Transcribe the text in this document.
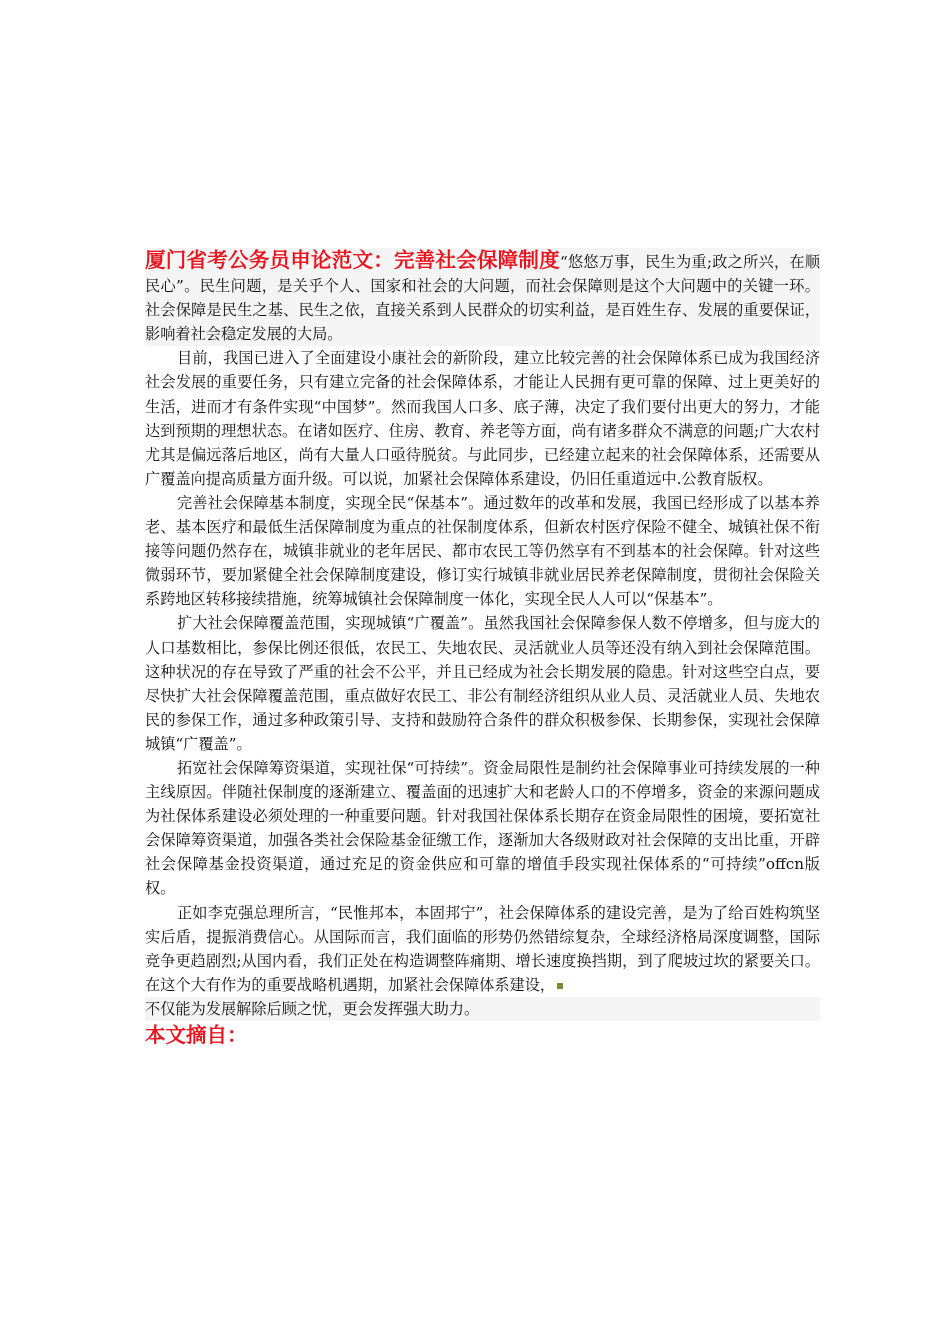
厦门省考公务员申论范文：完善社会保障制度“悠悠万事，民生为重;政之所兴，在顺民心”。民生问题，是关乎个人、国家和社会的大问题，而社会保障则是这个大问题中的关键一环。社会保障是民生之基、民生之依，直接关系到人民群众的切实利益，是百姓生存、发展的重要保证，影响着社会稳定发展的大局。

目前，我国已进入了全面建设小康社会的新阶段，建立比较完善的社会保障体系已成为我国经济社会发展的重要任务，只有建立完备的社会保障体系，才能让人民拥有更可靠的保障、过上更美好的生活，进而才有条件实现“中国梦”。然而我国人口多、底子薄，决定了我们要付出更大的努力，才能达到预期的理想状态。在诸如医疗、住房、教育、养老等方面，尚有诸多群众不满意的问题;广大农村尤其是偏远落后地区，尚有大量人口亟待脱贫。与此同步，已经建立起来的社会保障体系，还需要从广覆盖向提高质量方面升级。可以说，加紧社会保障体系建设，仍旧任重道远中.公教育版权。

完善社会保障基本制度，实现全民“保基本”。通过数年的改革和发展，我国已经形成了以基本养老、基本医疗和最低生活保障制度为重点的社保制度体系，但新农村医疗保险不健全、城镇社保不衔接等问题仍然存在，城镇非就业的老年居民、都市农民工等仍然享有不到基本的社会保障。针对这些微弱环节，要加紧健全社会保障制度建设，修订实行城镇非就业居民养老保障制度，贯彻社会保险关系跨地区转移接续措施，统筹城镇社会保障制度一体化，实现全民人人可以“保基本”。

扩大社会保障覆盖范围，实现城镇“广覆盖”。虽然我国社会保障参保人数不停增多，但与庞大的人口基数相比，参保比例还很低，农民工、失地农民、灵活就业人员等还没有纳入到社会保障范围。这种状况的存在导致了严重的社会不公平，并且已经成为社会长期发展的隐患。针对这些空白点，要尽快扩大社会保障覆盖范围，重点做好农民工、非公有制经济组织从业人员、灵活就业人员、失地农民的参保工作，通过多种政策引导、支持和鼓励符合条件的群众积极参保、长期参保，实现社会保障城镇“广覆盖”。

拓宽社会保障筹资渠道，实现社保“可持续”。资金局限性是制约社会保障事业可持续发展的一种主线原因。伴随社保制度的逐渐建立、覆盖面的迅速扩大和老龄人口的不停增多，资金的来源问题成为社保体系建设必须处理的一种重要问题。针对我国社保体系长期存在资金局限性的困境，要拓宽社会保障筹资渠道，加强各类社会保险基金征缴工作，逐渐加大各级财政对社会保障的支出比重，开辟社会保障基金投资渠道，通过充足的资金供应和可靠的增值手段实现社保体系的“可持续”offcn版权。

正如李克强总理所言，“民惟邦本，本固邦宁”，社会保障体系的建设完善，是为了给百姓构筑坚实后盾，提振消费信心。从国际而言，我们面临的形势仍然错综复杂，全球经济格局深度调整，国际竞争更趋剧烈;从国内看，我们正处在构造调整阵痛期、增长速度换挡期，到了爬坡过坎的紧要关口。在这个大有作为的重要战略机遇期，加紧社会保障体系建设，

不仅能为发展解除后顾之忧，更会发挥强大助力。

本文摘自：
